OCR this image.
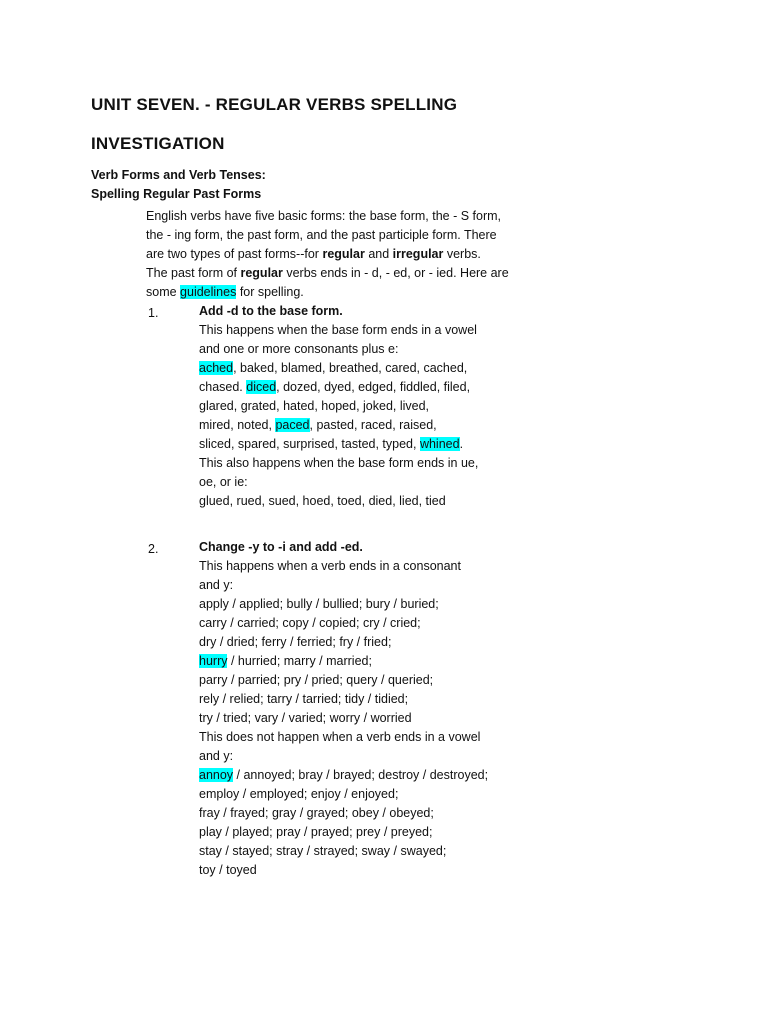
UNIT SEVEN. - REGULAR VERBS SPELLING
INVESTIGATION
Verb Forms and Verb Tenses:
Spelling Regular Past Forms
English verbs have five basic forms: the base form, the - S form,
the - ing form, the past form, and the past participle form. There
are two types of past forms--for regular and irregular verbs.
The past form of regular verbs ends in - d, - ed, or - ied. Here are
some guidelines for spelling.
1.	Add -d to the base form.
This happens when the base form ends in a vowel
and one or more consonants plus e:
ached, baked, blamed, breathed, cared, cached,
chased. diced, dozed, dyed, edged, fiddled, filed,
glared, grated, hated, hoped, joked, lived,
mired, noted, paced, pasted, raced, raised,
sliced, spared, surprised, tasted, typed, whined.
This also happens when the base form ends in ue,
oe, or ie:
glued, rued, sued, hoed, toed, died, lied, tied
2.	Change -y to -i and add -ed.
This happens when a verb ends in a consonant
and y:
apply / applied; bully / bullied; bury / buried;
carry / carried; copy / copied; cry / cried;
dry / dried; ferry / ferried; fry / fried;
hurry / hurried; marry / married;
parry / parried; pry / pried; query / queried;
rely / relied; tarry / tarried; tidy / tidied;
try / tried; vary / varied; worry / worried
This does not happen when a verb ends in a vowel
and y:
annoy / annoyed; bray / brayed; destroy / destroyed;
employ / employed; enjoy / enjoyed;
fray / frayed; gray / grayed; obey / obeyed;
play / played; pray / prayed; prey / preyed;
stay / stayed; stray / strayed; sway / swayed;
toy / toyed
